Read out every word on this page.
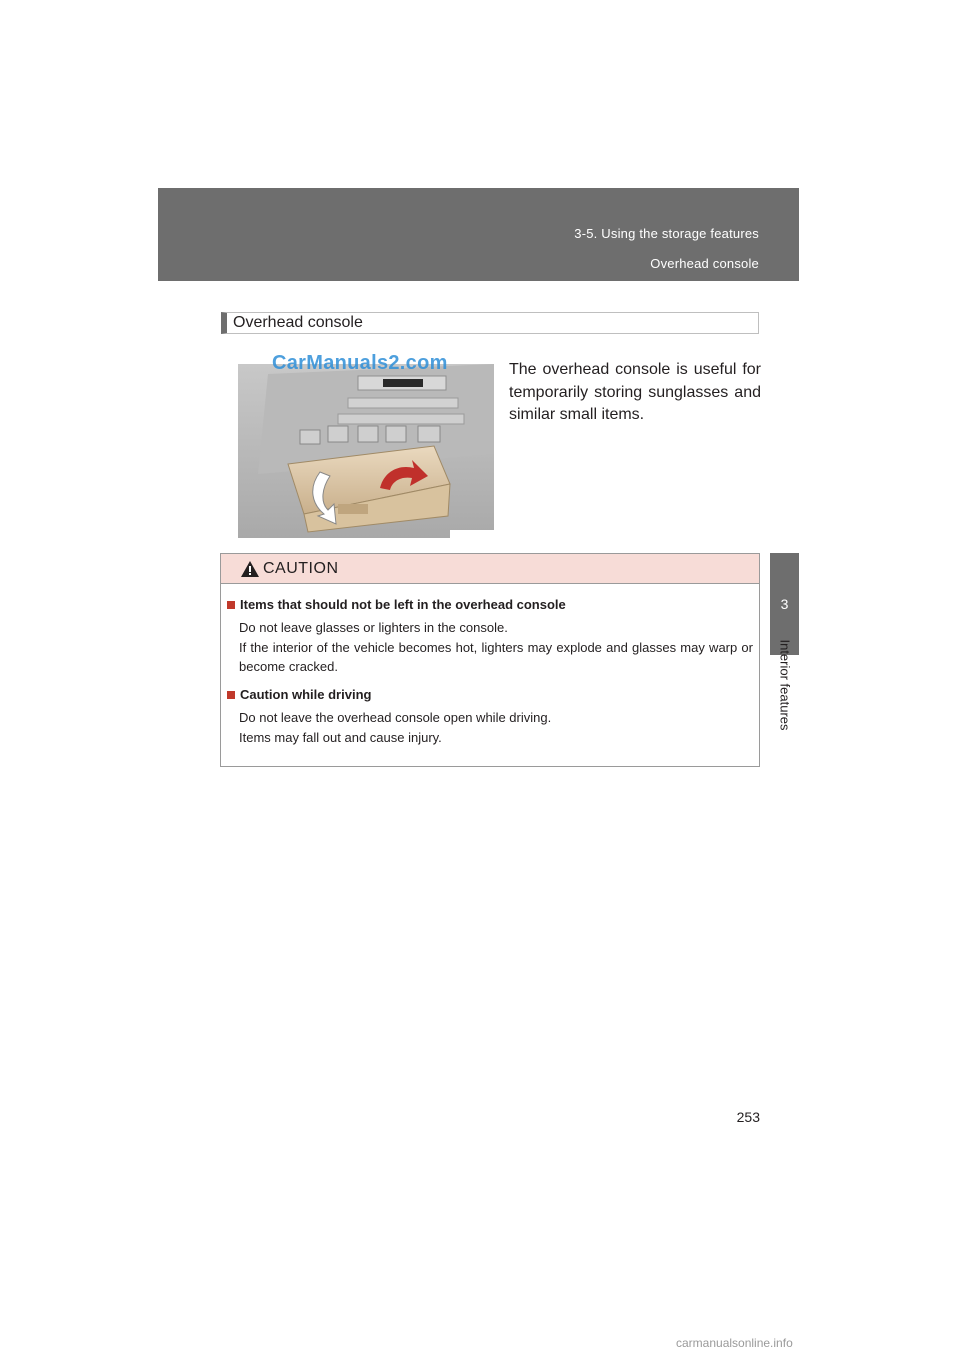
3-5. Using the storage features
Overhead console
3
Interior features
Overhead console
CarManuals2.com	The overhead console is useful for temporarily storing sunglasses and similar small items.
CAUTION
Items that should not be left in the overhead console

Do not leave glasses or lighters in the console.

If the interior of the vehicle becomes hot, lighters may explode and glasses may warp or become cracked.

Caution while driving

Do not leave the overhead console open while driving.

Items may fall out and cause injury.

253
carmanualsonline.info
